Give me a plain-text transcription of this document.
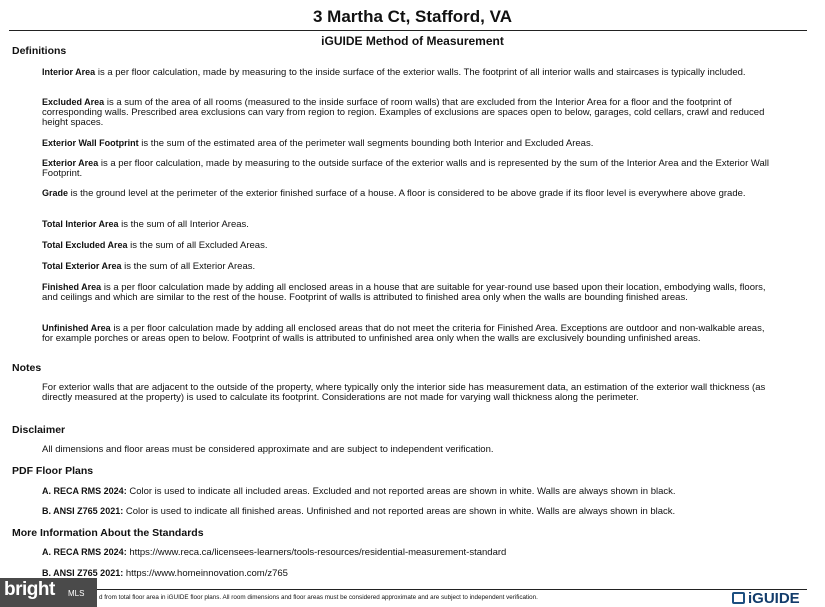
3 Martha Ct, Stafford, VA
iGUIDE Method of Measurement
Definitions
Interior Area is a per floor calculation, made by measuring to the inside surface of the exterior walls. The footprint of all interior walls and staircases is typically included.
Excluded Area is a sum of the area of all rooms (measured to the inside surface of room walls) that are excluded from the Interior Area for a floor and the footprint of corresponding walls. Prescribed area exclusions can vary from region to region. Examples of exclusions are spaces open to below, garages, cold cellars, crawl and reduced height spaces.
Exterior Wall Footprint is the sum of the estimated area of the perimeter wall segments bounding both Interior and Excluded Areas.
Exterior Area is a per floor calculation, made by measuring to the outside surface of the exterior walls and is represented by the sum of the Interior Area and the Exterior Wall Footprint.
Grade is the ground level at the perimeter of the exterior finished surface of a house. A floor is considered to be above grade if its floor level is everywhere above grade.
Total Interior Area is the sum of all Interior Areas.
Total Excluded Area is the sum of all Excluded Areas.
Total Exterior Area is the sum of all Exterior Areas.
Finished Area is a per floor calculation made by adding all enclosed areas in a house that are suitable for year-round use based upon their location, embodying walls, floors, and ceilings and which are similar to the rest of the house. Footprint of walls is attributed to finished area only when the walls are bounding finished areas.
Unfinished Area is a per floor calculation made by adding all enclosed areas that do not meet the criteria for Finished Area. Exceptions are outdoor and non-walkable areas, for example porches or areas open to below. Footprint of walls is attributed to unfinished area only when the walls are exclusively bounding unfinished areas.
Notes
For exterior walls that are adjacent to the outside of the property, where typically only the interior side has measurement data, an estimation of the exterior wall thickness (as directly measured at the property) is used to calculate its footprint. Considerations are not made for varying wall thickness along the perimeter.
Disclaimer
All dimensions and floor areas must be considered approximate and are subject to independent verification.
PDF Floor Plans
A. RECA RMS 2024: Color is used to indicate all included areas. Excluded and not reported areas are shown in white. Walls are always shown in black.
B. ANSI Z765 2021: Color is used to indicate all finished areas. Unfinished and not reported areas are shown in white. Walls are always shown in black.
More Information About the Standards
A. RECA RMS 2024: https://www.reca.ca/licensees-learners/tools-resources/residential-measurement-standard
B. ANSI Z765 2021: https://www.homeinnovation.com/z765
d from total floor area in iGUIDE floor plans. All room dimensions and floor areas must be considered approximate and are subject to independent verification.
bright MLS	iGUIDE
